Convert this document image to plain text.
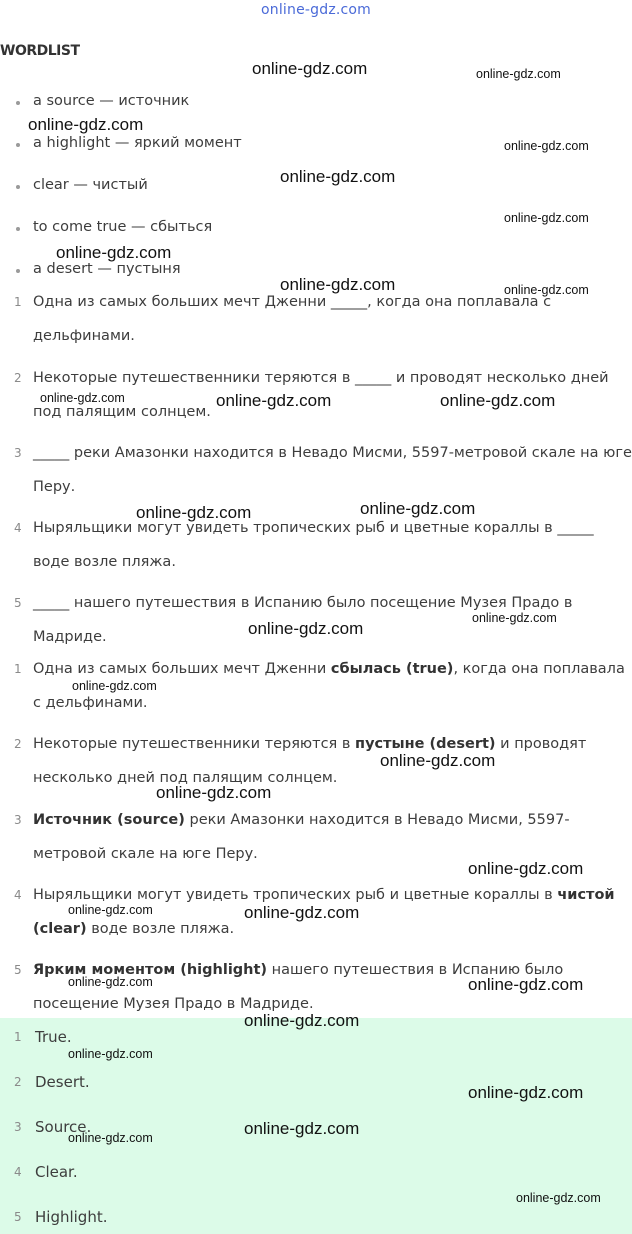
online-gdz.com
WORDLIST
a source — источник
a highlight — яркий момент
clear — чистый
to come true — сбыться
a desert — пустыня
1 Одна из самых больших мечт Дженни _____, когда она поплавала с дельфинами.
2 Некоторые путешественники теряются в _____ и проводят несколько дней под палящим солнцем.
3 _____ реки Амазонки находится в Невадо Мисми, 5597-метровой скале на юге Перу.
4 Ныряльщики могут увидеть тропических рыб и цветные кораллы в _____ воде возле пляжа.
5 _____ нашего путешествия в Испанию было посещение Музея Прадо в Мадриде.
1 Одна из самых больших мечт Дженни сбылась (true), когда она поплавала с дельфинами.
2 Некоторые путешественники теряются в пустыне (desert) и проводят несколько дней под палящим солнцем.
3 Источник (source) реки Амазонки находится в Невадо Мисми, 5597-метровой скале на юге Перу.
4 Ныряльщики могут увидеть тропических рыб и цветные кораллы в чистой (clear) воде возле пляжа.
5 Ярким моментом (highlight) нашего путешествия в Испанию было посещение Музея Прадо в Мадриде.
1 True.
2 Desert.
3 Source.
4 Clear.
5 Highlight.
online-gdz.com	online-gdz.com
online-gdz.com
online-gdz.com
online-gdz.com
online-gdz.com
online-gdz.com
online-gdz.com	online-gdz.com
online-gdz.com	online-gdz.com	online-gdz.com
online-gdz.com	online-gdz.com
online-gdz.com
online-gdz.com
online-gdz.com
online-gdz.com
online-gdz.com
online-gdz.com
online-gdz.com	online-gdz.com
online-gdz.com	online-gdz.com
online-gdz.com
online-gdz.com
online-gdz.com
online-gdz.com	online-gdz.com
online-gdz.com
